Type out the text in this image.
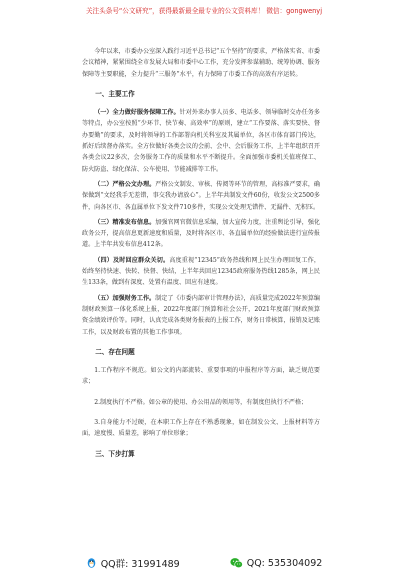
关注头条号“公文研究”，获得最新最全最专业的公文资料库！ 微信：gongwenyj

今年以来，市委办公室深入践行习近平总书记“五个坚持”的要求，严格落实省、市委会议精神，紧紧围绕全市发展大局和市委中心工作，充分发挥参谋辅助、统筹协调、服务保障等主要职能，全力提升“三服务”水平，有力保障了市委工作的高效有序运转。

一、主要工作

（一）全力做好服务保障工作。针对外来办事人员多、电话多、领导临时交办任务多等特点，办公室按照“少环节、快节奏、高效率”的原则，建立“工作要落、落实要快、督办要勤”的要求，及时将领导的工作部署向机关科室及其属单位，各区市体育部门传达，抓好后续督办落实。全方位做好各类会议的会前、会中、会后服务工作，上半年组织召开各类会议22多次，会务服务工作的质量和水平不断提升。全面加强市委机关值班保工、防火防盗、绿化保洁、公车使用、节能减排等工作。

（二）严格公文办理。严格公文制发、审核、传阅等环节的管理，高标准严要求，确保做到“文经我手无差错，事交我办请放心”。上半年共制发文件60份，收发公文2500多件，向各区市、各直属单位下发文件710多件，实现公文处理无错件、无漏件、无积压。

（三）精准发布信息。加强官网官微信息采编，加大宣传力度，注重舆论引导，强化政务公开，提高信息更新速度和质量，及时将各区市、各直属单位的经验做法进行宣传报道。上半年共发布信息412条。

（四）及时回应群众关切。高度重视“12345”政务热线和网上民生办理回复工作，始终坚持快速、快转、快督、快结，上半年共回应12345政府服务热线1285条，网上民生133条，做到有深度、处置有温度、回应有速度。

（五）加强财务工作。制定了《市委内部审计管理办法》，高质量完成2022年预算编制财政预算一体化系统上报，2022年度部门预算和社会公开，2021年度部门财政预算资金绩效评价等。同时，认真完成各类财务报表的上报工作，财务日常核算，报销及记账工作，以及财政布置的其他工作事项。

二、存在问题

1.工作程序不规范。如公文的内部流转、重要事项的申报程序等方面，缺乏规范要求；

2.制度执行不严格。如公章的使用、办公用品的领用等，有制度但执行不严格；

3.自身能力不过硬，在本职工作上存在不熟悉现象，如在制发公文、上报材料等方面，速度慢、质量差，影响了单位形象；

三、下步打算
QQ群: 31991489	QQ: 535304092
